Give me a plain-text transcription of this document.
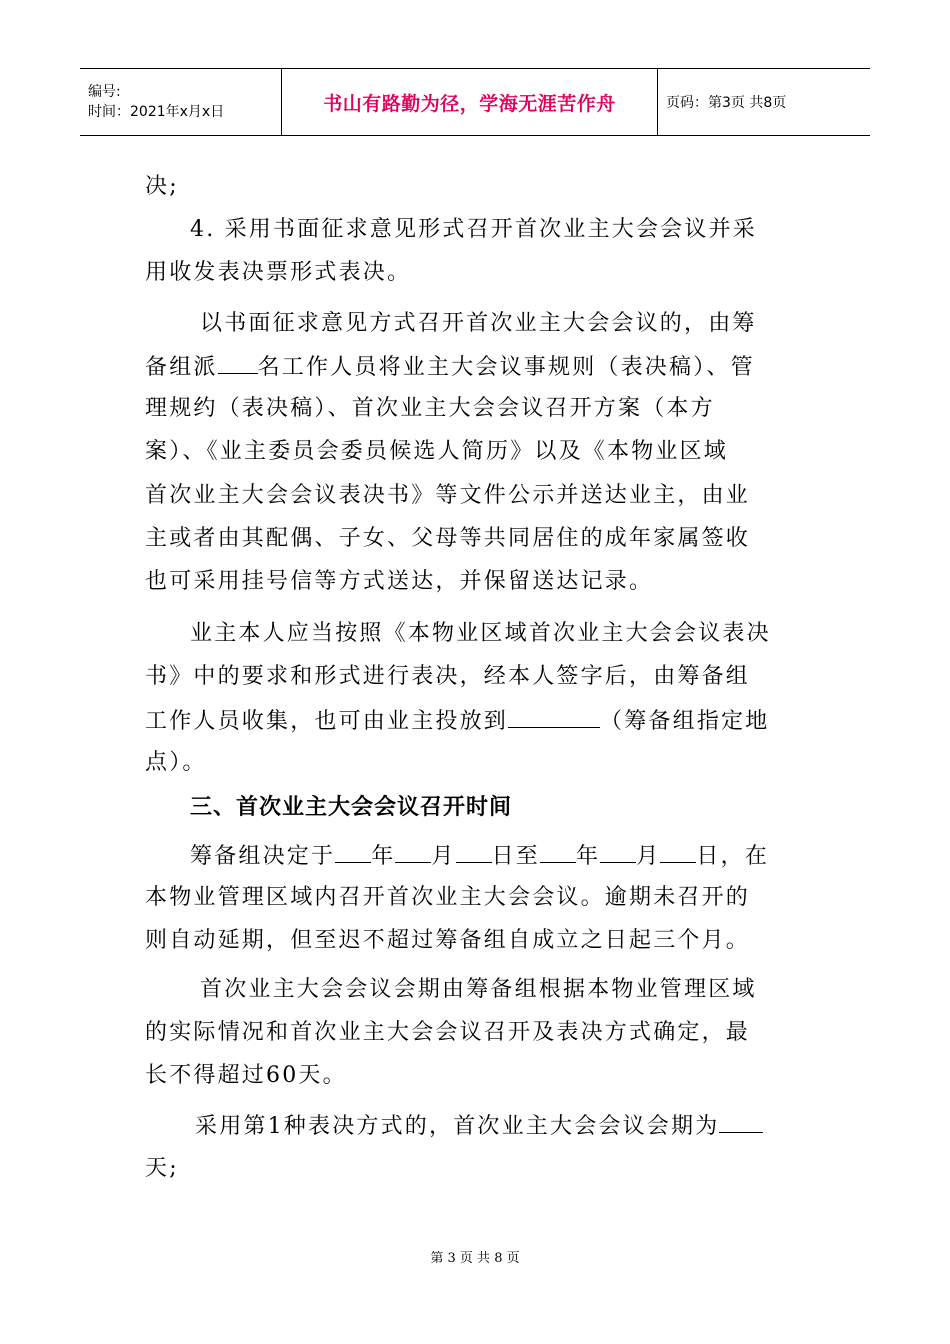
编号:
时间：2021年x月x日	书山有路勤为径，学海无涯苦作舟	页码：第3页 共8页
决;
4. 采用书面征求意见形式召开首次业主大会会议并采
用收发表决票形式表决。
以书面征求意见方式召开首次业主大会会议的，由筹
备组派 名工作人员将业主大会议事规则（表决稿）、管
理规约（表决稿）、首次业主大会会议召开方案（本方
案）、《业主委员会委员候选人简历》以及《本物业区域
首次业主大会会议表决书》等文件公示并送达业主，由业
主或者由其配偶、子女、父母等共同居住的成年家属签收
也可采用挂号信等方式送达，并保留送达记录。
业主本人应当按照《本物业区域首次业主大会会议表决
书》中的要求和形式进行表决，经本人签字后，由筹备组
工作人员收集，也可由业主投放到	（筹备组指定地
点）。
三、首次业主大会会议召开时间
筹备组决定于 年 月 日至 年 月 日，在
本物业管理区域内召开首次业主大会会议。逾期未召开的
则自动延期，但至迟不超过筹备组自成立之日起三个月。
首次业主大会会议会期由筹备组根据本物业管理区域
的实际情况和首次业主大会会议召开及表决方式确定，最
长不得超过60天。
采用第1种表决方式的，首次业主大会会议会期为
天;
第 3 页 共 8 页
